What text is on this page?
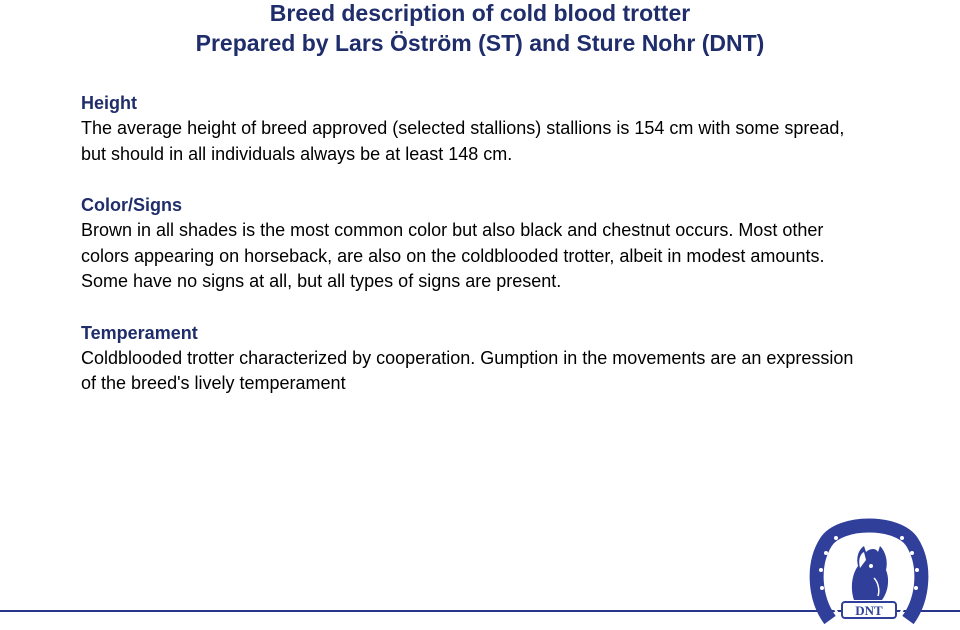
Breed description of cold blood trotter
Prepared by Lars Öström (ST) and Sture Nohr (DNT)
Height
The average height of breed approved (selected stallions) stallions is 154 cm with some spread, but should in all individuals always be at least 148 cm.
Color/Signs
Brown in all shades is the most common color but also black and chestnut occurs. Most other colors appearing on horseback, are also on the coldblooded trotter, albeit in modest amounts. Some have no signs at all, but all types of signs are present.
Temperament
Coldblooded trotter characterized by cooperation. Gumption in the movements are an expression of the breed's lively temperament
DNT
